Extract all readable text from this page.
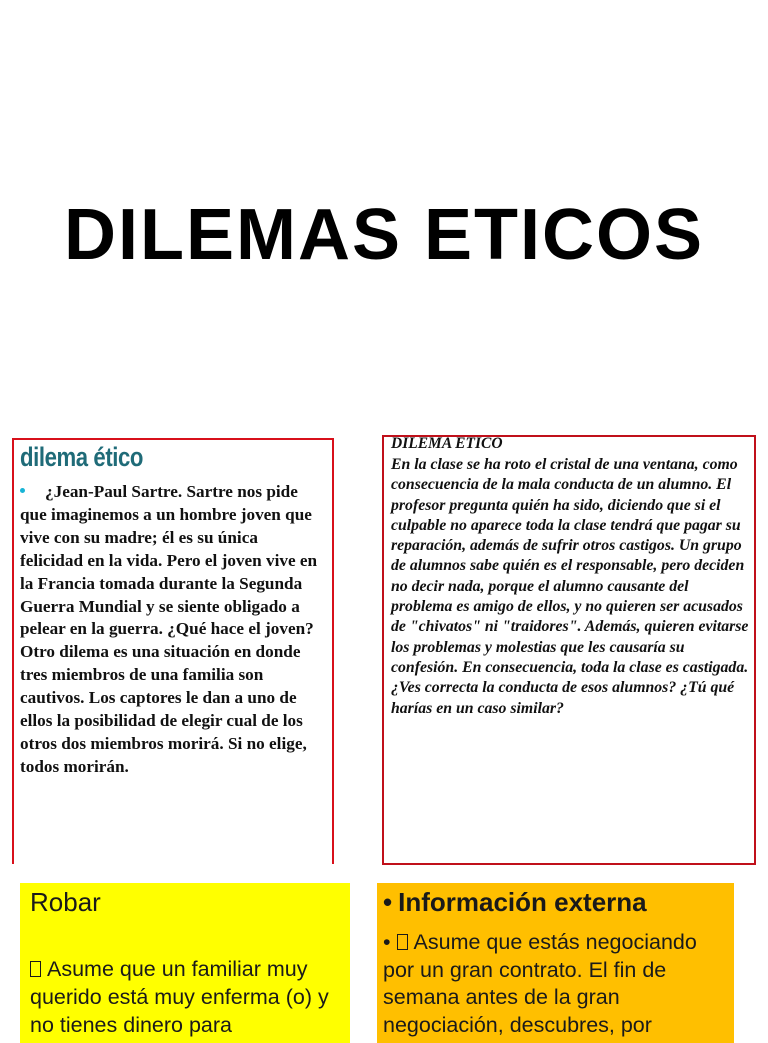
DILEMAS ETICOS
dilema ético
¿Jean-Paul Sartre. Sartre nos pide que imaginemos a un hombre joven que vive con su madre; él es su única felicidad en la vida. Pero el joven vive en la Francia tomada durante la Segunda Guerra Mundial y se siente obligado a pelear en la guerra. ¿Qué hace el joven? Otro dilema es una situación en donde tres miembros de una familia son cautivos. Los captores le dan a uno de ellos la posibilidad de elegir cual de los otros dos miembros morirá. Si no elige, todos morirán.
DILEMA ETICO
En la clase se ha roto el cristal de una ventana, como consecuencia de la mala conducta de un alumno. El profesor pregunta quién ha sido, diciendo que si el culpable no aparece toda la clase tendrá que pagar su reparación, además de sufrir otros castigos. Un grupo de alumnos sabe quién es el responsable, pero deciden no decir nada, porque el alumno causante del problema es amigo de ellos, y no quieren ser acusados de "chivatos" ni "traidores". Además, quieren evitarse los problemas y molestias que les causaría su confesión. En consecuencia, toda la clase es castigada. ¿Ves correcta la conducta de esos alumnos? ¿Tú qué harías en un caso similar?
Robar
Asume que un familiar muy querido está muy enferma (o) y no tienes dinero para
• Información externa
• Asume que estás negociando por un gran contrato. El fin de semana antes de la gran negociación, descubres, por
